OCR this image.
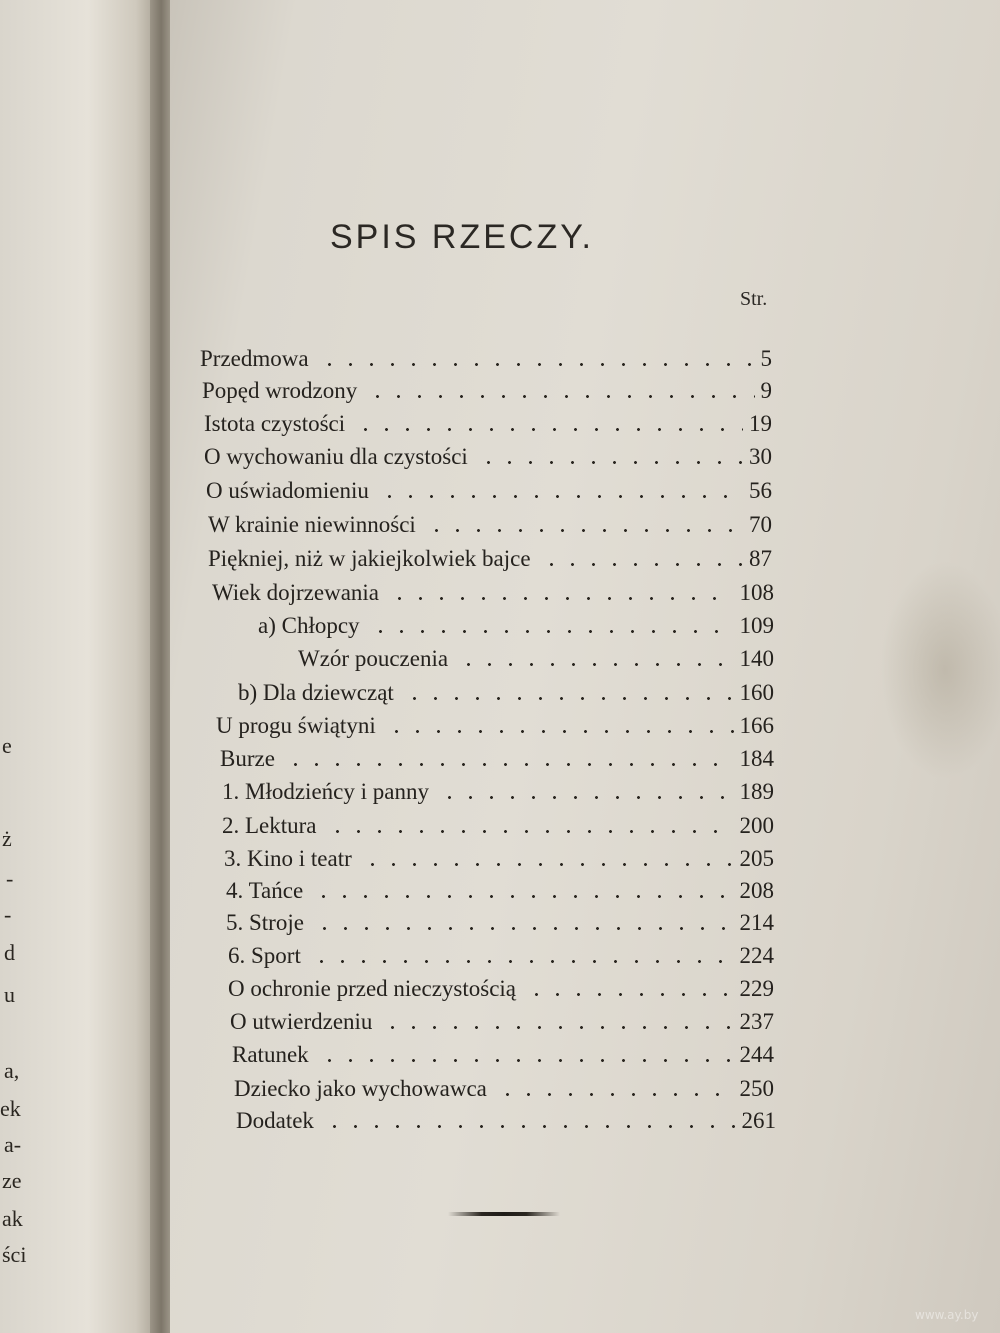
e
ż
-
-
d
u
a,
ek
a-
ze
ak
ści
SPIS RZECZY.
Str.
Przedmowa	5
Popęd wrodzony	9
Istota czystości	19
O wychowaniu dla czystości	30
O uświadomieniu	56
W krainie niewinności	70
Piękniej, niż w jakiejkolwiek bajce	87
Wiek dojrzewania	108
a) Chłopcy	109
Wzór pouczenia	140
b) Dla dziewcząt	160
U progu świątyni	166
Burze	184
1. Młodzieńcy i panny	189
2. Lektura	200
3. Kino i teatr	205
4. Tańce	208
5. Stroje	214
6. Sport	224
O ochronie przed nieczystością	229
O utwierdzeniu	237
Ratunek	244
Dziecko jako wychowawca	250
Dodatek	261
www.ay.by
